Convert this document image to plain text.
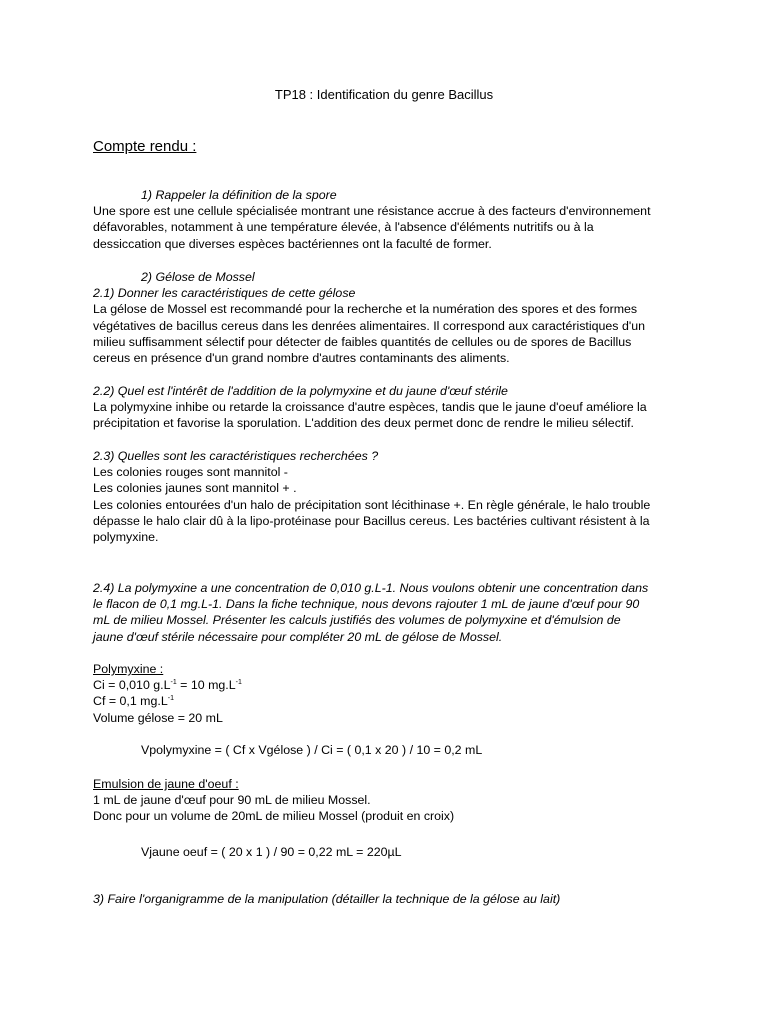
TP18 : Identification du genre Bacillus
Compte rendu :

1) Rappeler la définition de la spore

Une spore est une cellule spécialisée montrant une résistance accrue à des facteurs d'environnement

défavorables, notamment à une température élevée, à l'absence d'éléments nutritifs ou à la

dessiccation que diverses espèces bactériennes ont la faculté de former.

2) Gélose de Mossel

2.1) Donner les caractéristiques de cette gélose

La gélose de Mossel est recommandé pour la recherche et la numération des spores et des formes

végétatives de bacillus cereus dans les denrées alimentaires. Il correspond aux caractéristiques d'un

milieu suffisamment sélectif pour détecter de faibles quantités de cellules ou de spores de Bacillus

cereus en présence d'un grand nombre d'autres contaminants des aliments.

2.2) Quel est l'intérêt de l'addition de la polymyxine et du jaune d'œuf stérile

La polymyxine inhibe ou retarde la croissance d'autre espèces, tandis que le jaune d'oeuf améliore la

précipitation et favorise la sporulation. L'addition des deux permet donc de rendre le milieu sélectif.

2.3) Quelles sont les caractéristiques recherchées ?

Les colonies rouges sont mannitol -

Les colonies jaunes sont mannitol + .

Les colonies entourées d'un halo de précipitation sont lécithinase +. En règle générale, le halo trouble

dépasse le halo clair dû à la lipo-protéinase pour Bacillus cereus. Les bactéries cultivant résistent à la

polymyxine.

2.4) La polymyxine a une concentration de 0,010 g.L-1. Nous voulons obtenir une concentration dans

le flacon de 0,1 mg.L-1. Dans la fiche technique, nous devons rajouter 1 mL de jaune d'œuf pour 90

mL de milieu Mossel. Présenter les calculs justifiés des volumes de polymyxine et d'émulsion de

jaune d'œuf stérile nécessaire pour compléter 20 mL de gélose de Mossel.

Polymyxine :

Ci = 0,010 $g.L^{-1} = 10$ $mg.L^{-1}$

Cf = 0,1 $mg.L^{-1}$

Volume gélose = 20 mL

Vpolymyxine = ( Cf x Vgélose ) / Ci = ( 0,1 x 20 ) / 10 = 0,2 mL

Emulsion de jaune d'oeuf :

1 mL de jaune d'œuf pour 90 mL de milieu Mossel.

Donc pour un volume de 20mL de milieu Mossel (produit en croix)

Vjaune oeuf = ( 20 x 1 ) / 90 = 0,22 mL = 220µL

3) Faire l'organigramme de la manipulation (détailler la technique de la gélose au lait)
